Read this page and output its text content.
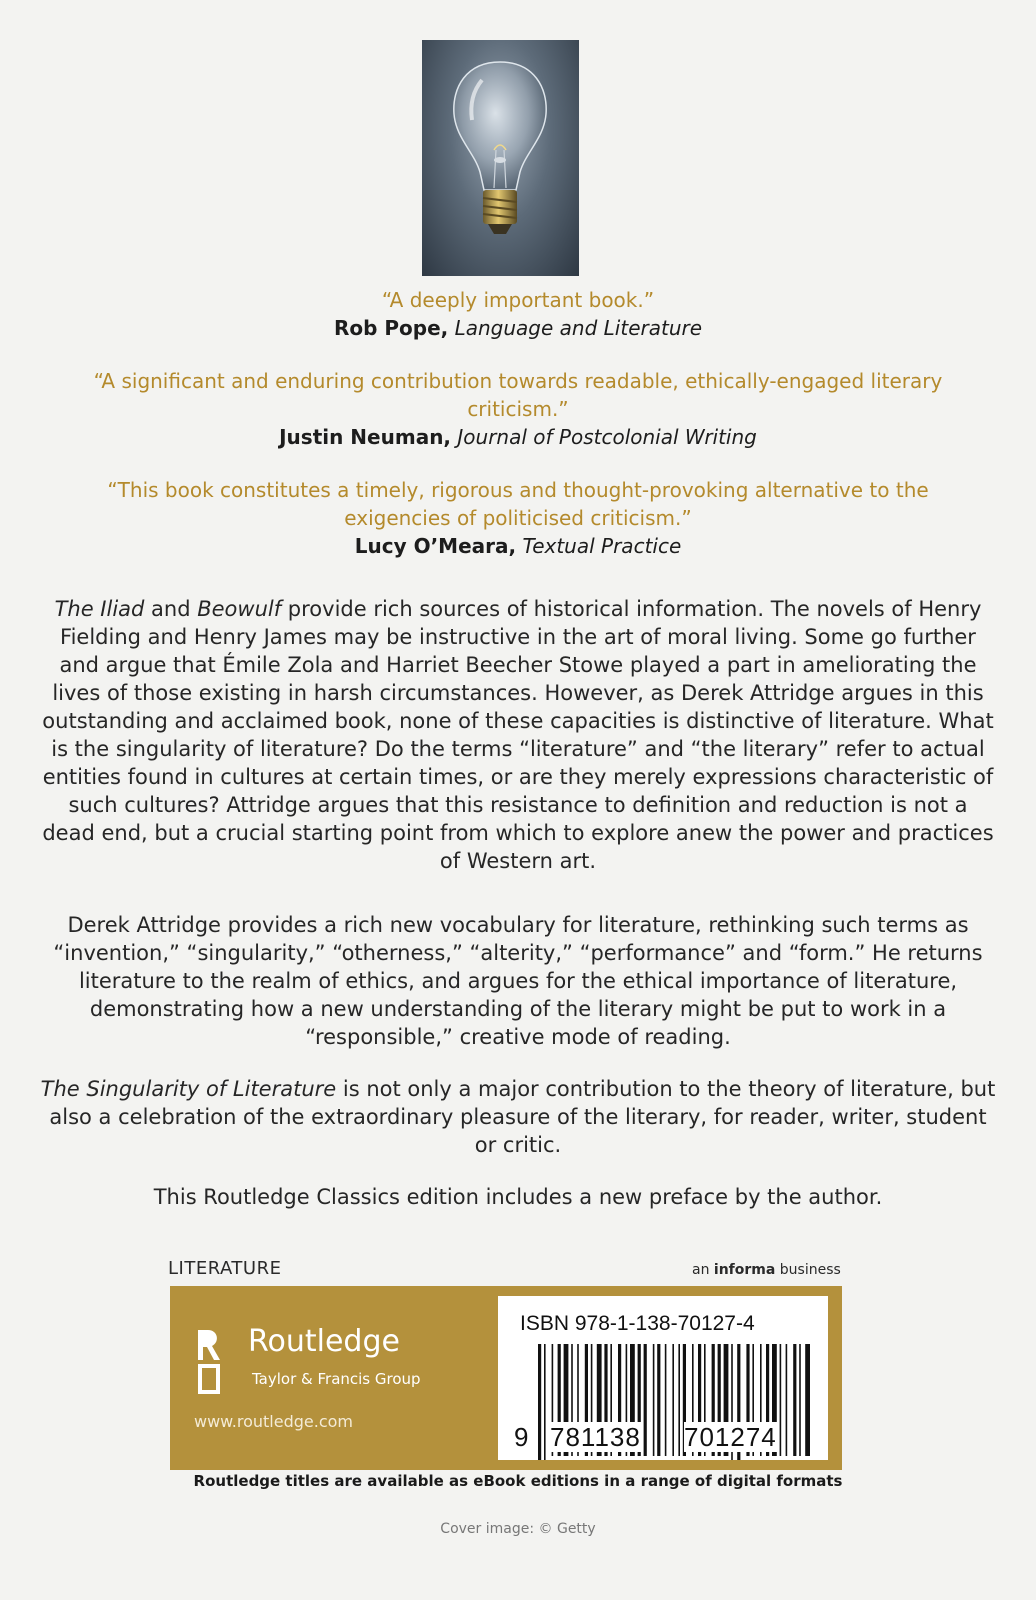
“A deeply important book.”
Rob Pope, Language and Literature
“A significant and enduring contribution towards readable, ethically-engaged literary
criticism.”
Justin Neuman, Journal of Postcolonial Writing
“This book constitutes a timely, rigorous and thought-provoking alternative to the
exigencies of politicised criticism.”
Lucy O’Meara, Textual Practice
The Iliad and Beowulf provide rich sources of historical information. The novels of Henry Fielding and Henry James may be instructive in the art of moral living. Some go further and argue that Émile Zola and Harriet Beecher Stowe played a part in ameliorating the lives of those existing in harsh circumstances. However, as Derek Attridge argues in this outstanding and acclaimed book, none of these capacities is distinctive of literature. What is the singularity of literature? Do the terms “literature” and “the literary” refer to actual entities found in cultures at certain times, or are they merely expressions characteristic of such cultures? Attridge argues that this resistance to definition and reduction is not a dead end, but a crucial starting point from which to explore anew the power and practices of Western art.
Derek Attridge provides a rich new vocabulary for literature, rethinking such terms as “invention,” “singularity,” “otherness,” “alterity,” “performance” and “form.” He returns literature to the realm of ethics, and argues for the ethical importance of literature, demonstrating how a new understanding of the literary might be put to work in a “responsible,” creative mode of reading.
The Singularity of Literature is not only a major contribution to the theory of literature, but also a celebration of the extraordinary pleasure of the literary, for reader, writer, student or critic.
This Routledge Classics edition includes a new preface by the author.
LITERATURE	an informa business
Routledge
Taylor & Francis Group
www.routledge.com
ISBN 978-1-138-70127-4
9 781138 701274
Routledge titles are available as eBook editions in a range of digital formats
Cover image: © Getty
